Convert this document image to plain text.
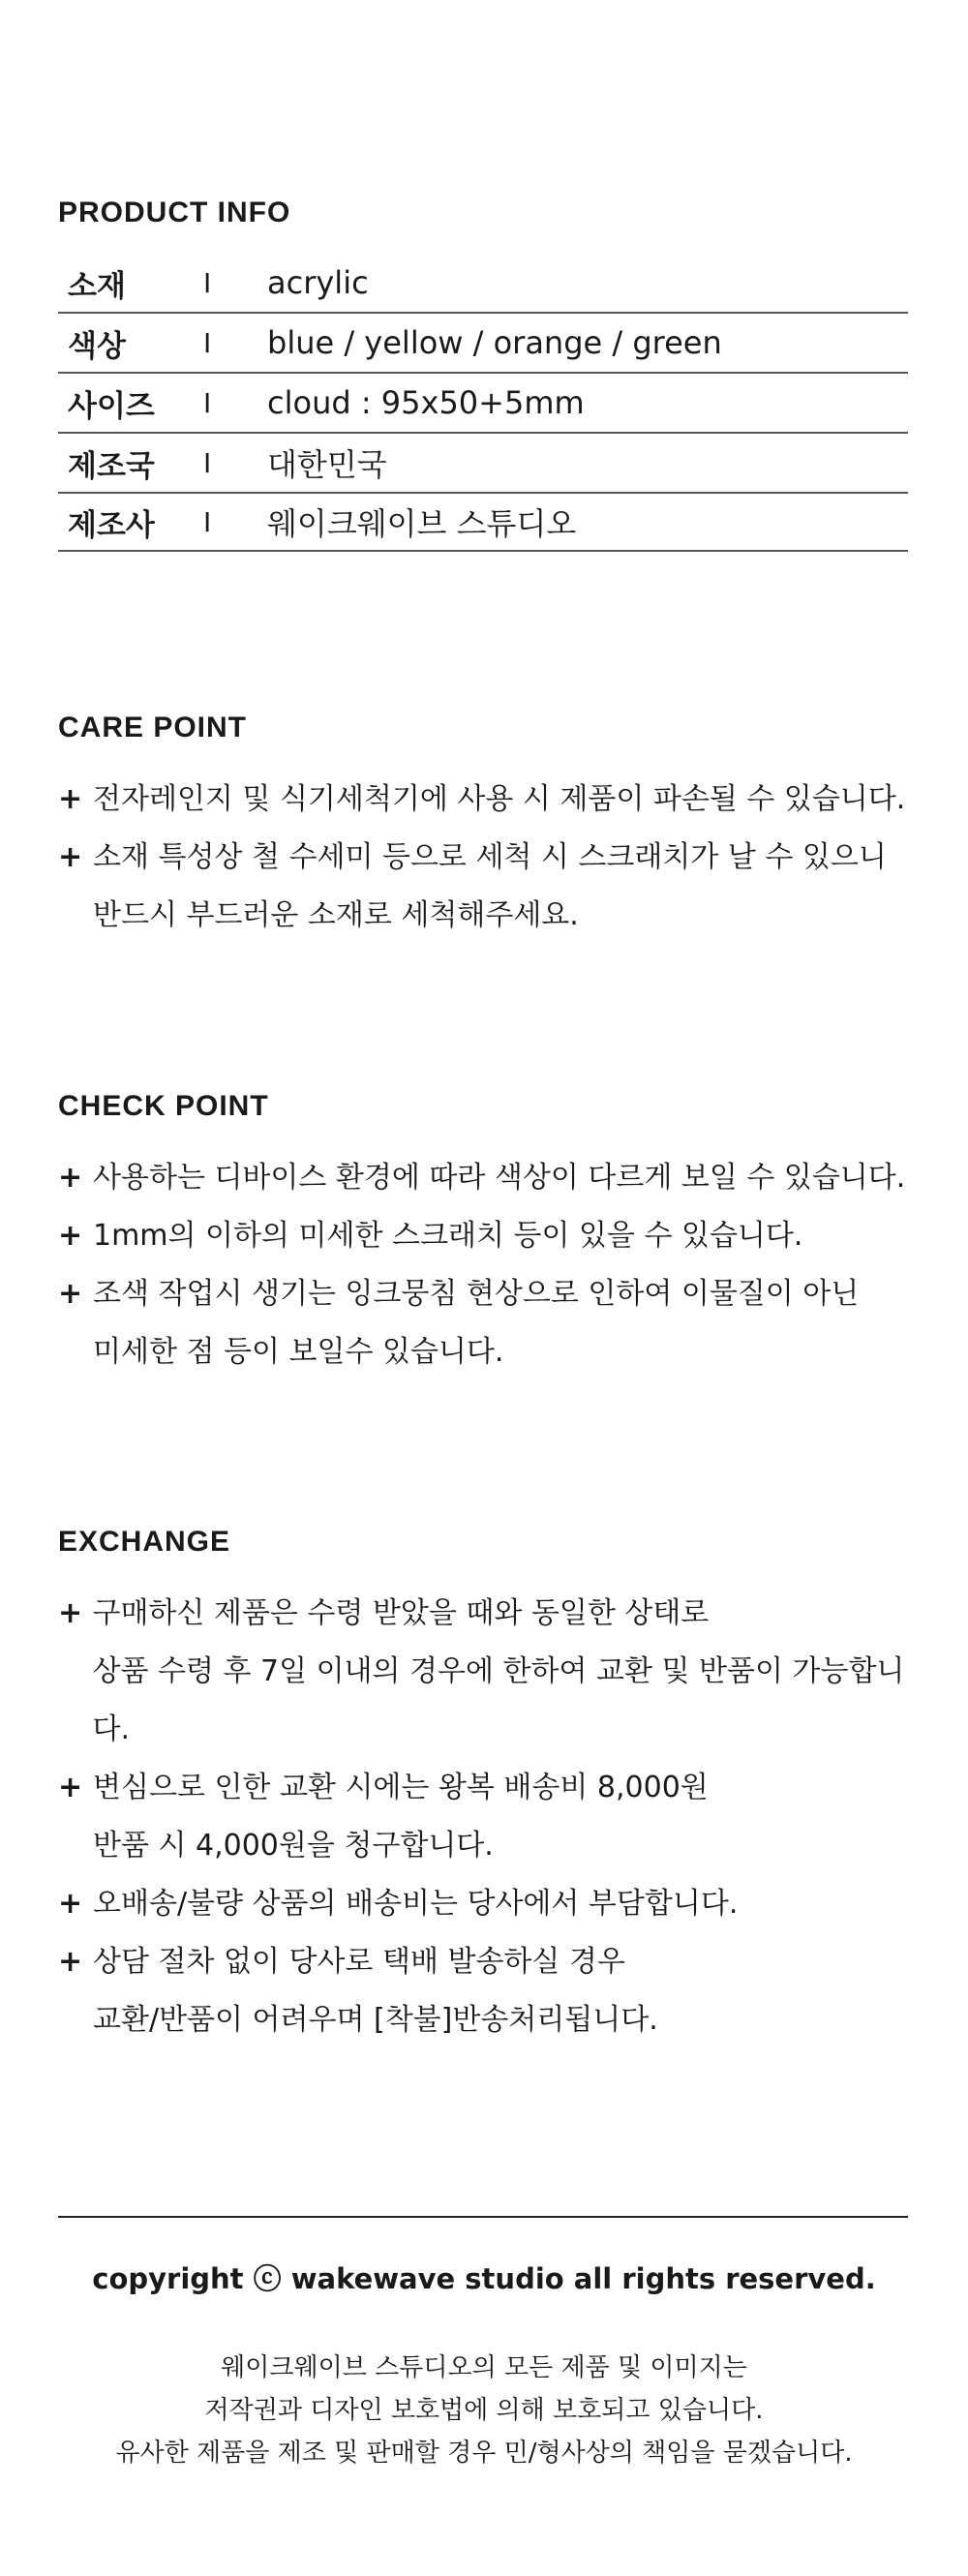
PRODUCT INFO
소재	I	acrylic
색상	I	blue / yellow / orange / green
사이즈	I	cloud : 95x50+5mm
제조국	I	대한민국
제조사	I	웨이크웨이브 스튜디오
CARE POINT
+ 전자레인지 및 식기세척기에 사용 시 제품이 파손될 수 있습니다.
+ 소재 특성상 철 수세미 등으로 세척 시 스크래치가 날 수 있으니
반드시 부드러운 소재로 세척해주세요.
CHECK POINT
+ 사용하는 디바이스 환경에 따라 색상이 다르게 보일 수 있습니다.
+ 1mm의 이하의 미세한 스크래치 등이 있을 수 있습니다.
+ 조색 작업시 생기는 잉크뭉침 현상으로 인하여 이물질이 아닌
미세한 점 등이 보일수 있습니다.
EXCHANGE
+ 구매하신 제품은 수령 받았을 때와 동일한 상태로
상품 수령 후 7일 이내의 경우에 한하여 교환 및 반품이 가능합니다.
+ 변심으로 인한 교환 시에는 왕복 배송비 8,000원
반품 시 4,000원을 청구합니다.
+ 오배송/불량 상품의 배송비는 당사에서 부담합니다.
+ 상담 절차 없이 당사로 택배 발송하실 경우
교환/반품이 어려우며 [착불]반송처리됩니다.

copyright ⓒ wakewave studio all rights reserved.

웨이크웨이브 스튜디오의 모든 제품 및 이미지는
저작권과 디자인 보호법에 의해 보호되고 있습니다.
유사한 제품을 제조 및 판매할 경우 민/형사상의 책임을 묻겠습니다.
